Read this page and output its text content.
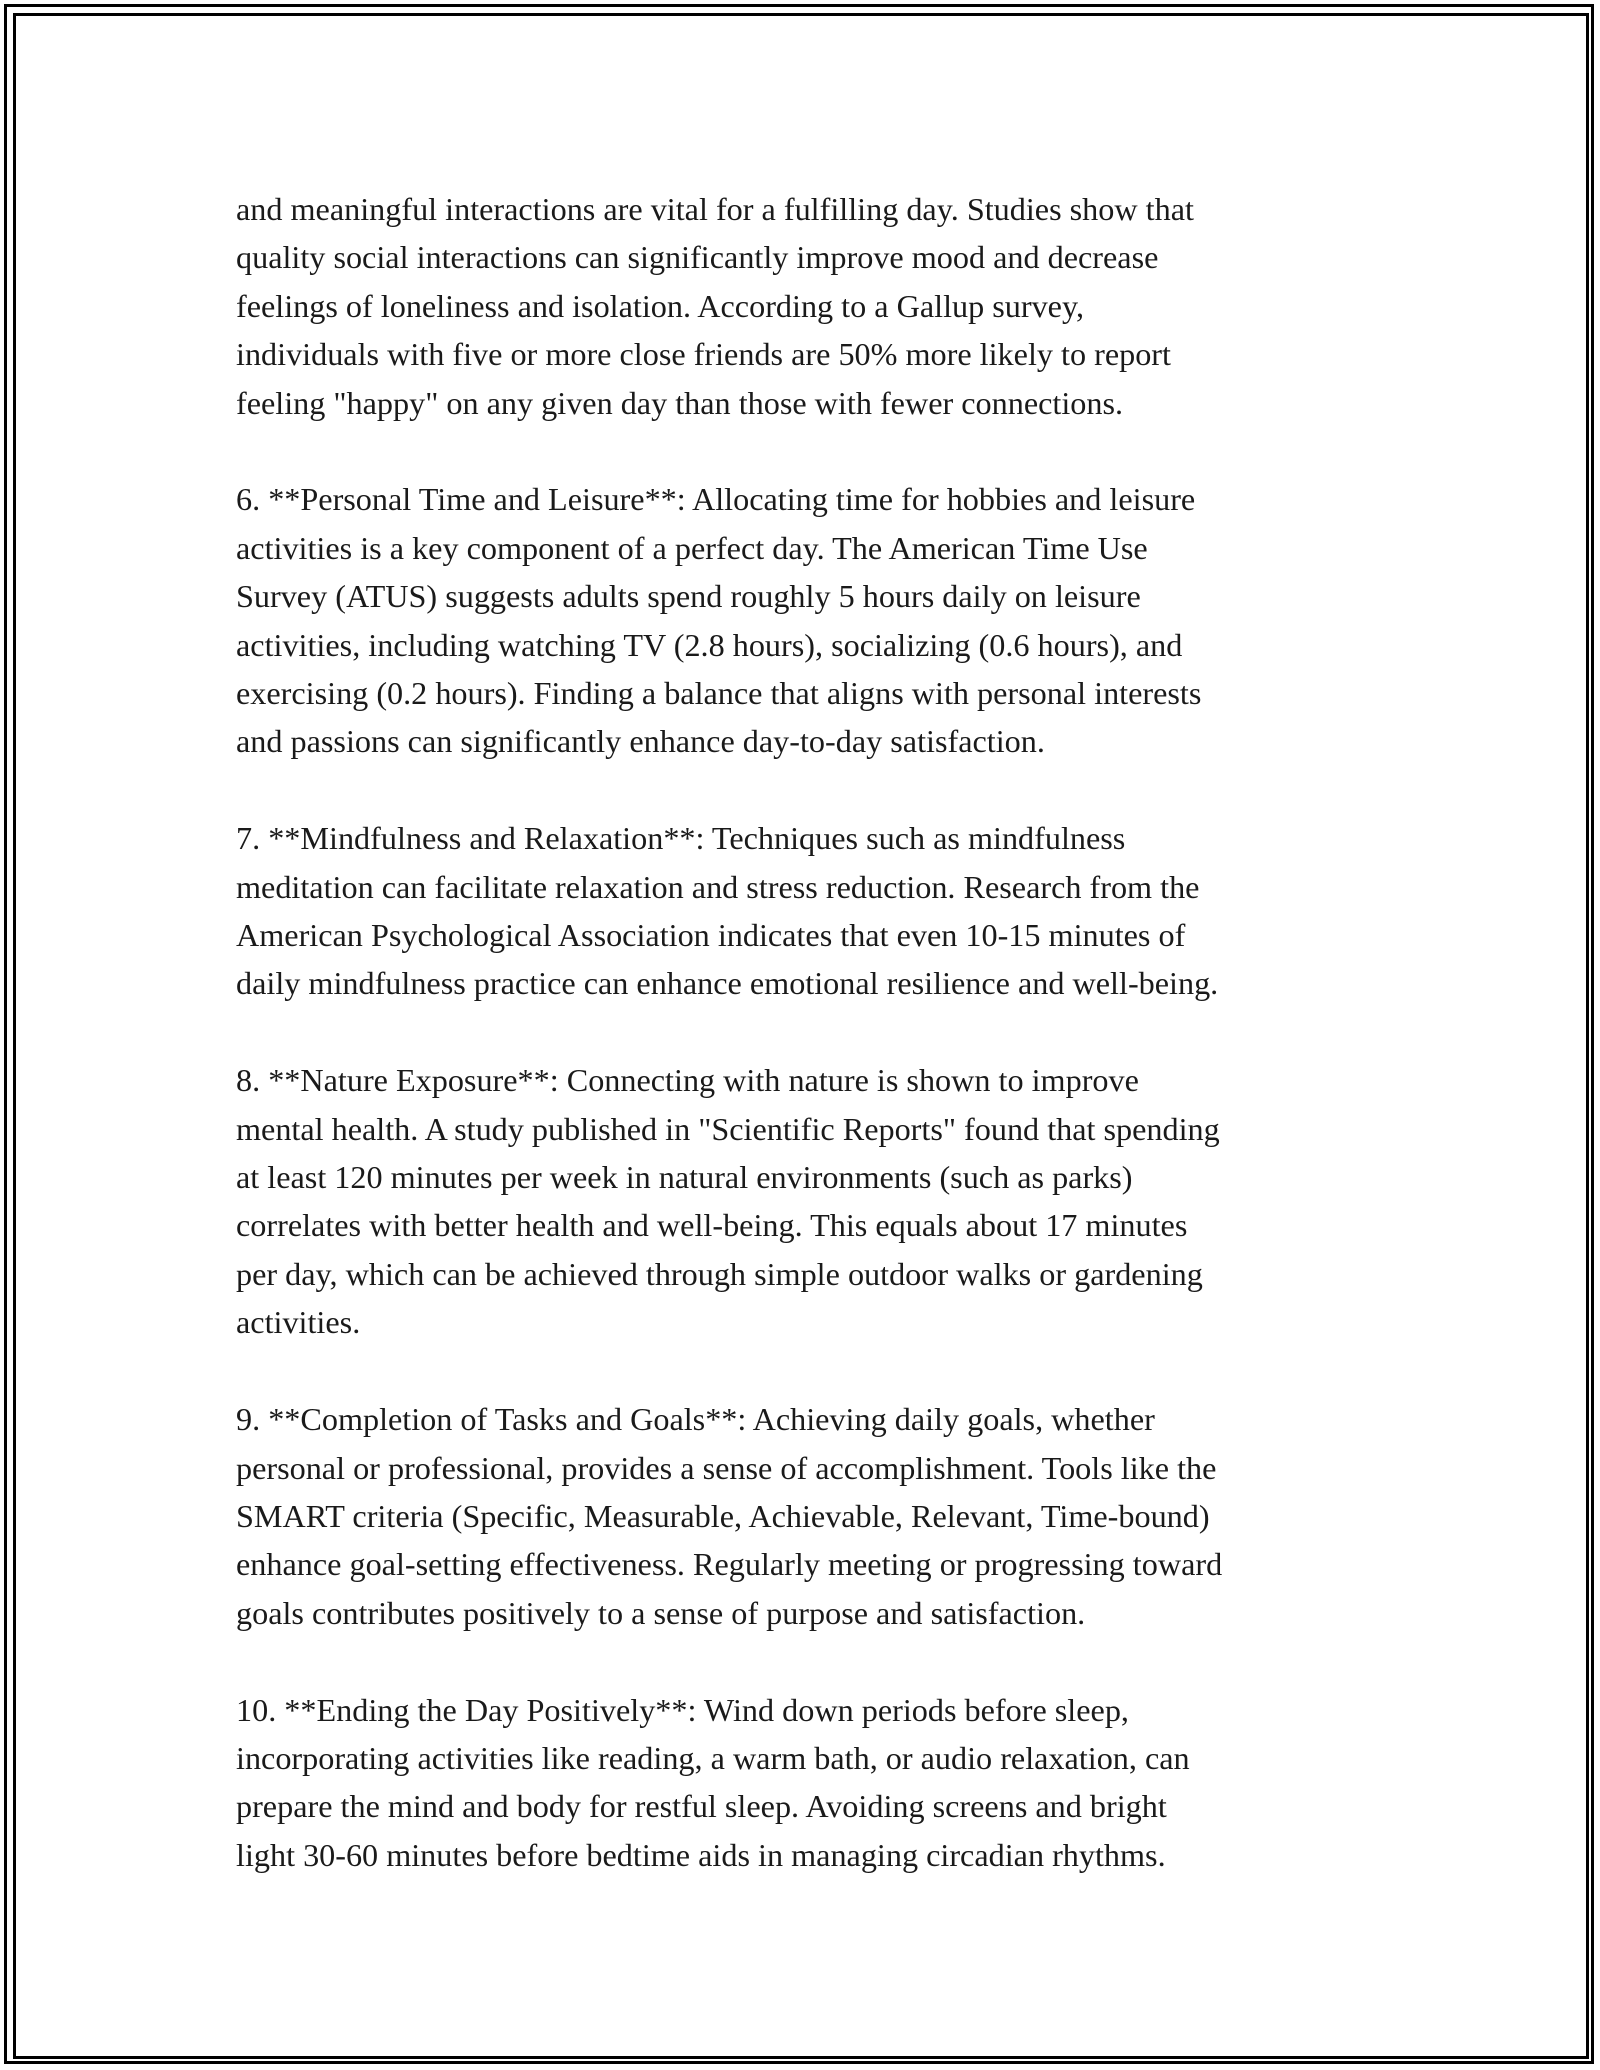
and meaningful interactions are vital for a fulfilling day. Studies show that
quality social interactions can significantly improve mood and decrease
feelings of loneliness and isolation. According to a Gallup survey,
individuals with five or more close friends are 50% more likely to report
feeling "happy" on any given day than those with fewer connections.

6. **Personal Time and Leisure**: Allocating time for hobbies and leisure
activities is a key component of a perfect day. The American Time Use
Survey (ATUS) suggests adults spend roughly 5 hours daily on leisure
activities, including watching TV (2.8 hours), socializing (0.6 hours), and
exercising (0.2 hours). Finding a balance that aligns with personal interests
and passions can significantly enhance day-to-day satisfaction.

7. **Mindfulness and Relaxation**: Techniques such as mindfulness
meditation can facilitate relaxation and stress reduction. Research from the
American Psychological Association indicates that even 10-15 minutes of
daily mindfulness practice can enhance emotional resilience and well-being.

8. **Nature Exposure**: Connecting with nature is shown to improve
mental health. A study published in "Scientific Reports" found that spending
at least 120 minutes per week in natural environments (such as parks)
correlates with better health and well-being. This equals about 17 minutes
per day, which can be achieved through simple outdoor walks or gardening
activities.

9. **Completion of Tasks and Goals**: Achieving daily goals, whether
personal or professional, provides a sense of accomplishment. Tools like the
SMART criteria (Specific, Measurable, Achievable, Relevant, Time-bound)
enhance goal-setting effectiveness. Regularly meeting or progressing toward
goals contributes positively to a sense of purpose and satisfaction.

10. **Ending the Day Positively**: Wind down periods before sleep,
incorporating activities like reading, a warm bath, or audio relaxation, can
prepare the mind and body for restful sleep. Avoiding screens and bright
light 30-60 minutes before bedtime aids in managing circadian rhythms.
